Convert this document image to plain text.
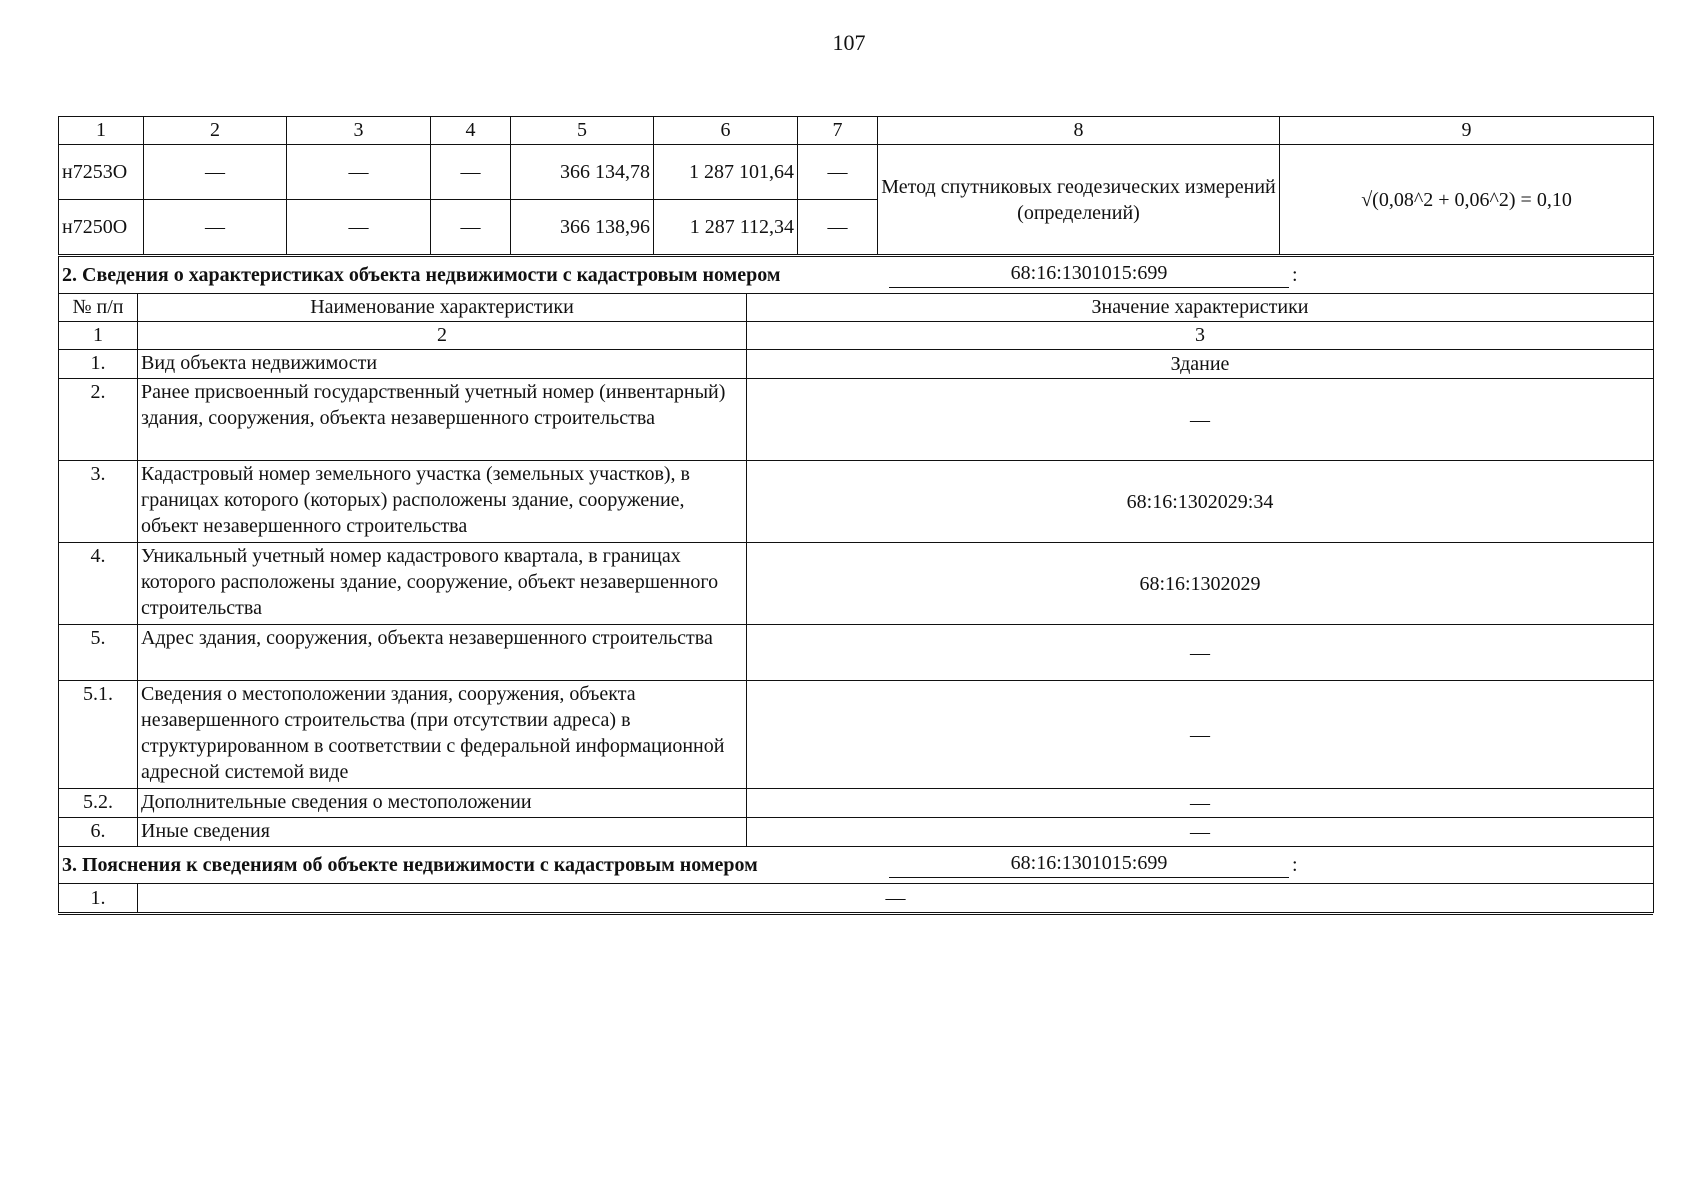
107
1	2	3	4	5	6	7	8	9
н7253О	—	—	—	366 134,78	1 287 101,64	—	Метод спутниковых геодезических измерений (определений)	√(0,08^2 + 0,06^2) = 0,10
н7250О	—	—	—	366 138,96	1 287 112,34	—		
2. Сведения о характеристиках объекта недвижимости с кадастровым номером 68:16:1301015:699 :		

№ п/п	Наименование характеристики	Значение характеристики
1	2	3
1.	Вид объекта недвижимости	Здание
2.	Ранее присвоенный государственный учетный номер (инвентарный) здания, сооружения, объекта незавершенного строительства	—
3.	Кадастровый номер земельного участка (земельных участков), в границах которого (которых) расположены здание, сооружение, объект незавершенного строительства	68:16:1302029:34
4.	Уникальный учетный номер кадастрового квартала, в границах которого расположены здание, сооружение, объект незавершенного строительства	68:16:1302029
5.	Адрес здания, сооружения, объекта незавершенного строительства	—
5.1.	Сведения о местоположении здания, сооружения, объекта незавершенного строительства (при отсутствии адреса) в структурированном в соответствии с федеральной информационной адресной системой виде	—
5.2.	Дополнительные сведения о местоположении	—
6.	Иные сведения	—

3. Пояснения к сведениям об объекте недвижимости с кадастровым номером 68:16:1301015:699 :		

1.	—	
